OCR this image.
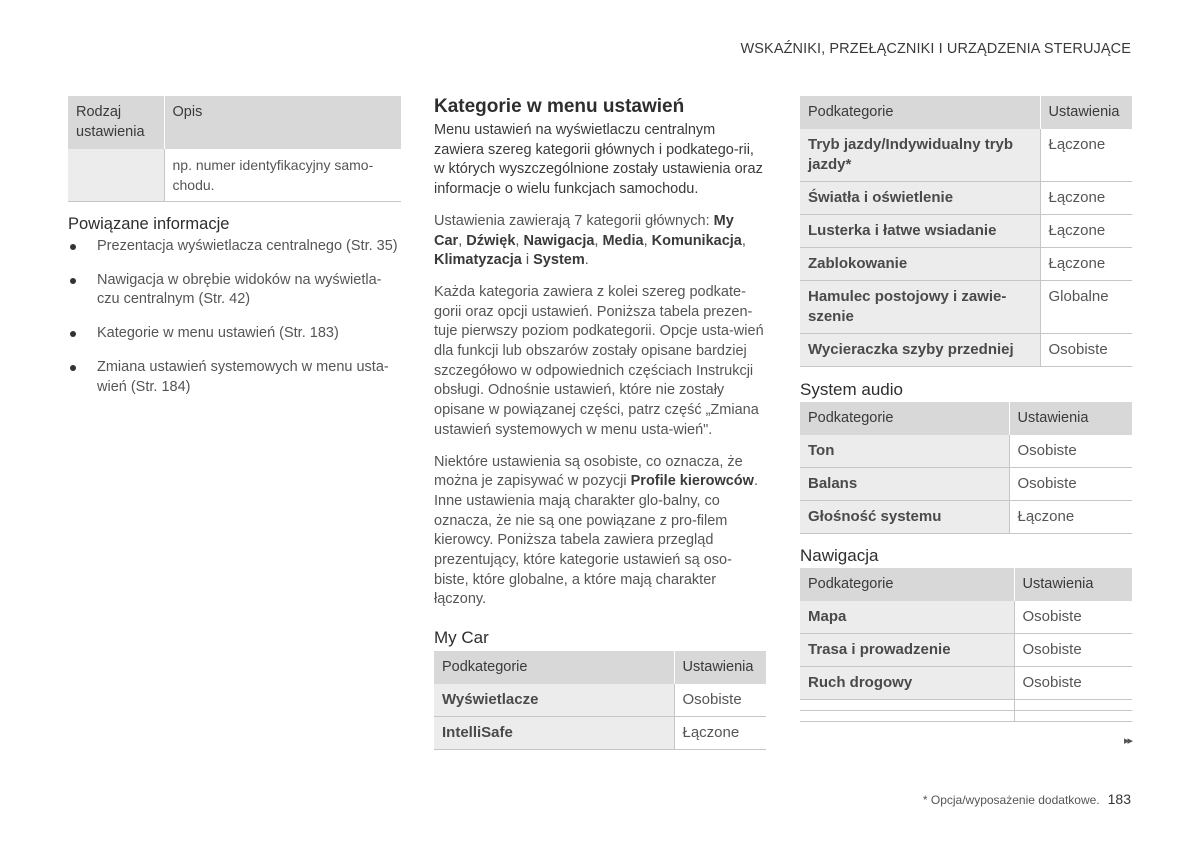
WSKAŹNIKI, PRZEŁĄCZNIKI I URZĄDZENIA STERUJĄCE
Rodzaj ustawienia	Opis
	np. numer identyfikacyjny samo-chodu.
Powiązane informacje
Prezentacja wyświetlacza centralnego (Str. 35)
Nawigacja w obrębie widoków na wyświetla-czu centralnym (Str. 42)
Kategorie w menu ustawień (Str. 183)
Zmiana ustawień systemowych w menu usta-wień (Str. 184)
Kategorie w menu ustawień

Menu ustawień na wyświetlaczu centralnym zawiera szereg kategorii głównych i podkatego-rii, w których wyszczególnione zostały ustawienia oraz informacje o wielu funkcjach samochodu.

Ustawienia zawierają 7 kategorii głównych: My Car, Dźwięk, Nawigacja, Media, Komunikacja, Klimatyzacja i System.

Każda kategoria zawiera z kolei szereg podkate-gorii oraz opcji ustawień. Poniższa tabela prezen-tuje pierwszy poziom podkategorii. Opcje usta-wień dla funkcji lub obszarów zostały opisane bardziej szczegółowo w odpowiednich częściach Instrukcji obsługi. Odnośnie ustawień, które nie zostały opisane w powiązanej części, patrz część „Zmiana ustawień systemowych w menu usta-wień".

Niektóre ustawienia są osobiste, co oznacza, że można je zapisywać w pozycji Profile kierowców. Inne ustawienia mają charakter glo-balny, co oznacza, że nie są one powiązane z pro-filem kierowcy. Poniższa tabela zawiera przegląd prezentujący, które kategorie ustawień są oso-biste, które globalne, a które mają charakter łączony.

My Car
Podkategorie	Ustawienia
Wyświetlacze	Osobiste
IntelliSafe	Łączone
Podkategorie	Ustawienia
Tryb jazdy/Indywidualny tryb jazdy*	Łączone
Światła i oświetlenie	Łączone
Lusterka i łatwe wsiadanie	Łączone
Zablokowanie	Łączone
Hamulec postojowy i zawie-szenie	Globalne
Wycieraczka szyby przedniej	Osobiste
System audio
Podkategorie	Ustawienia
Ton	Osobiste
Balans	Osobiste
Głośność systemu	Łączone
Nawigacja
Podkategorie	Ustawienia
Mapa	Osobiste
Trasa i prowadzenie	Osobiste
Ruch drogowy	Osobiste

▸▸
* Opcja/wyposażenie dodatkowe. 183
